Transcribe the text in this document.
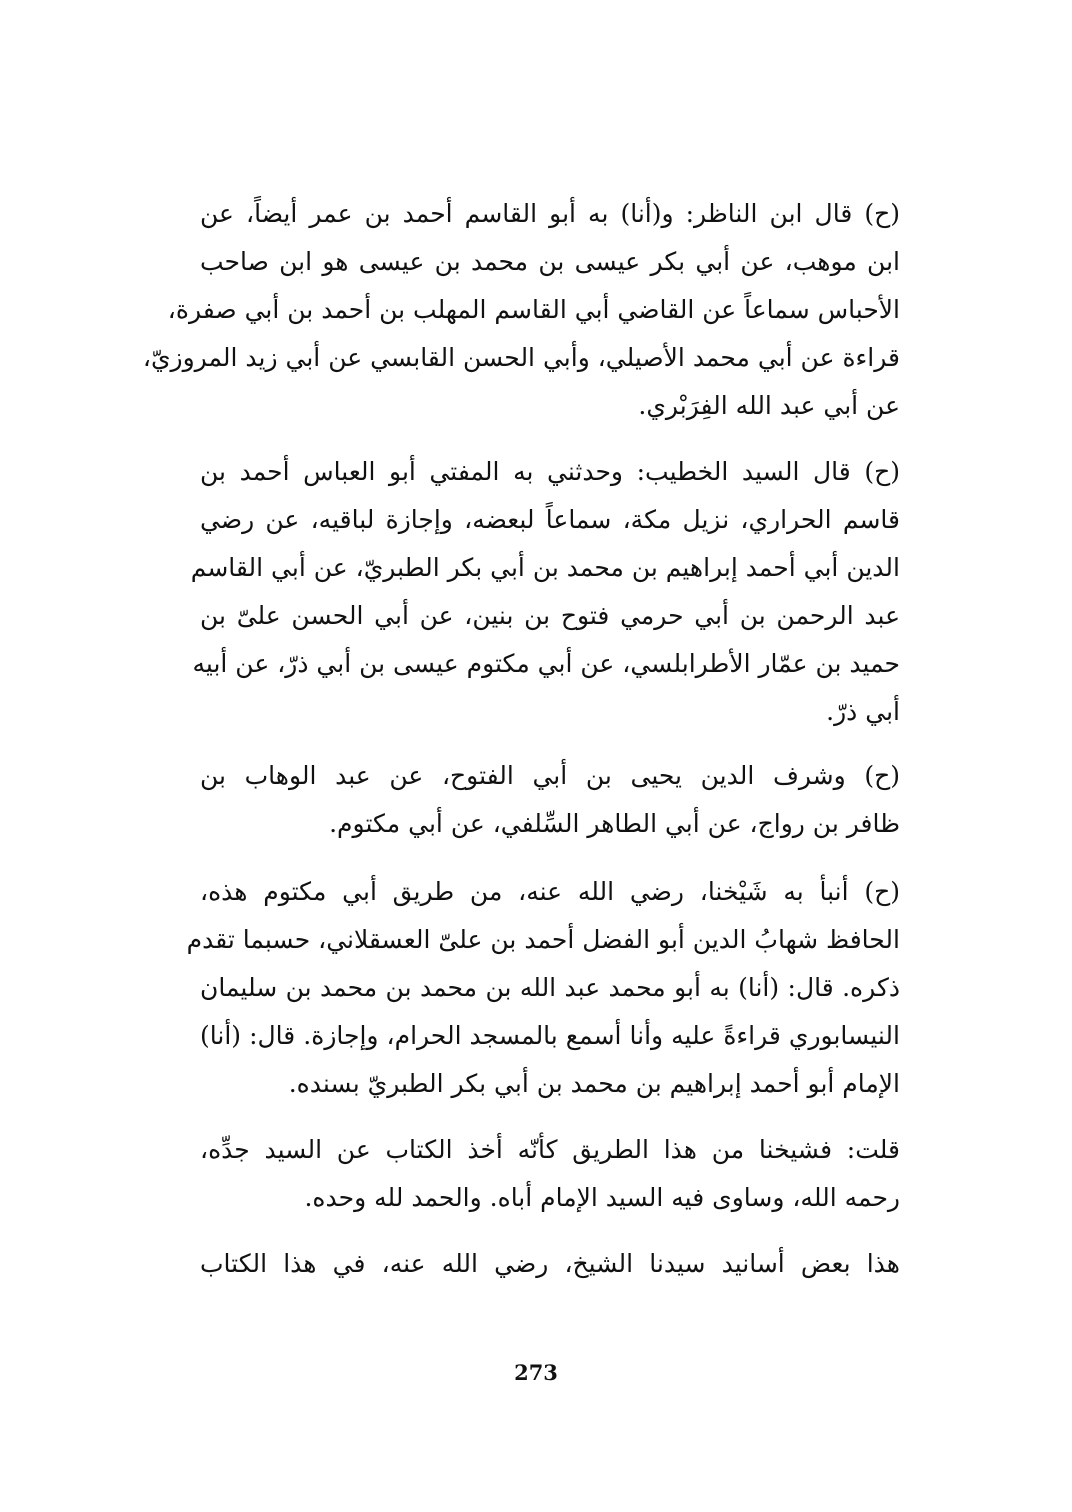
(ح) قال ابن الناظر: و(أنا) به أبو القاسم أحمد بن عمر أيضاً، عن
ابن موهب، عن أبي بكر عيسى بن محمد بن عيسى هو ابن صاحب
الأحباس سماعاً عن القاضي أبي القاسم المهلب بن أحمد بن أبي صفرة،
قراءة عن أبي محمد الأصيلي، وأبي الحسن القابسي عن أبي زيد المروزيّ،
عن أبي عبد الله الفِرَبْري.
(ح) قال السيد الخطيب: وحدثني به المفتي أبو العباس أحمد بن
قاسم الحراري، نزيل مكة، سماعاً لبعضه، وإجازة لباقيه، عن رضي
الدين أبي أحمد إبراهيم بن محمد بن أبي بكر الطبريّ، عن أبي القاسم
عبد الرحمن بن أبي حرمي فتوح بن بنين، عن أبي الحسن علىّ بن
حميد بن عمّار الأطرابلسي، عن أبي مكتوم عيسى بن أبي ذرّ، عن أبيه
أبي ذرّ.
(ح) وشرف الدين يحيى بن أبي الفتوح، عن عبد الوهاب بن
ظافر بن رواج، عن أبي الطاهر السِّلفي، عن أبي مكتوم.
(ح) أنبأ به شَيْخنا، رضي الله عنه، من طريق أبي مكتوم هذه،
الحافظ شهابُ الدين أبو الفضل أحمد بن علىّ العسقلاني، حسبما تقدم
ذكره. قال: (أنا) به أبو محمد عبد الله بن محمد بن محمد بن سليمان
النيسابوري قراءةً عليه وأنا أسمع بالمسجد الحرام، وإجازة. قال: (أنا)
الإمام أبو أحمد إبراهيم بن محمد بن أبي بكر الطبريّ بسنده.
قلت: فشيخنا من هذا الطريق كأنّه أخذ الكتاب عن السيد جدِّه،
رحمه الله، وساوى فيه السيد الإمام أباه. والحمد لله وحده.
هذا بعض أسانيد سيدنا الشيخ، رضي الله عنه، في هذا الكتاب
273
